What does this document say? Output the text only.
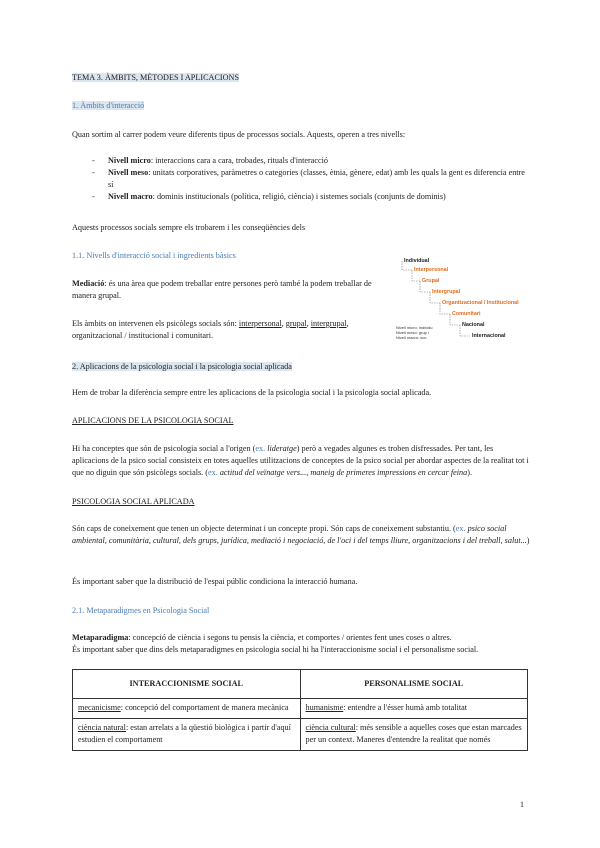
TEMA 3. ÀMBITS, MÈTODES I APLICACIONS
1. Àmbits d'interacció
Quan sortim al carrer podem veure diferents tipus de processos socials. Aquests, operen a tres nivells:
- Nivell micro: interaccions cara a cara, trobades, rituals d'interacció
- Nivell meso: unitats corporatives, paràmetres o categories (classes, ètnia, gènere, edat) amb les quals la gent es diferencia entre sí
- Nivell macro: dominis institucionals (política, religió, ciència) i sistemes socials (conjunts de dominis)
Aquests processos socials sempre els trobarem i les conseqüències dels
1.1. Nivells d'interacció social i ingredients bàsics
Mediació: és una àrea que podem treballar entre persones però també la podem treballar de manera grupal.
Els àmbits on intervenen els psicòlegs socials són: interpersonal, grupal, intergrupal, organitzacional / institucional i comunitari.
Individual
Interpersonal
Grupal
Intergrupal
Organitzacional / Institucional
Comunitari
Nacional
Internacional
Nivell micro: individu
Nivell meso: grup i
Nivell macro: soc
2. Aplicacions de la psicologia social i la psicologia social aplicada
Hem de trobar la diferència sempre entre les aplicacions de la psicologia social i la psicologia social aplicada.
APLICACIONS DE LA PSICOLOGIA SOCIAL
Hi ha conceptes que són de psicologia social a l'origen (ex. lideratge) però a vegades algunes es troben disfressades. Per tant, les aplicacions de la psico social consisteix en totes aquelles utilitzacions de conceptes de la psico social per abordar aspectes de la realitat tot i que no diguin que són psicòlegs socials. (ex. actitud del veïnatge vers..., maneig de primeres impressions en cercar feina).
PSICOLOGIA SOCIAL APLICADA
Són caps de coneixement que tenen un objecte determinat i un concepte propi. Són caps de coneixement substantiu. (ex. psico social ambiental, comunitària, cultural, dels grups, jurídica, mediació i negociació, de l'oci i del temps lliure, organitzacions i del treball, salut...)
És important saber que la distribució de l'espai públic condiciona la interacció humana.
2.1. Metaparadigmes en Psicologia Social
Metaparadigma: concepció de ciència i segons tu pensis la ciència, et comportes / orientes fent unes coses o altres.
És important saber que dins dels metaparadigmes en psicologia social hi ha l'interaccionisme social i el personalisme social.
INTERACCIONISME SOCIAL	PERSONALISME SOCIAL
mecanicisme: concepció del comportament de manera mecànica	humanisme: entendre a l'ésser humà amb totalitat
ciència natural: estan arrelats a la qüestió biològica i partir d'aquí estudien el comportament	ciència cultural: més sensible a aquelles coses que estan marcades per un context. Maneres d'entendre la realitat que només
1
